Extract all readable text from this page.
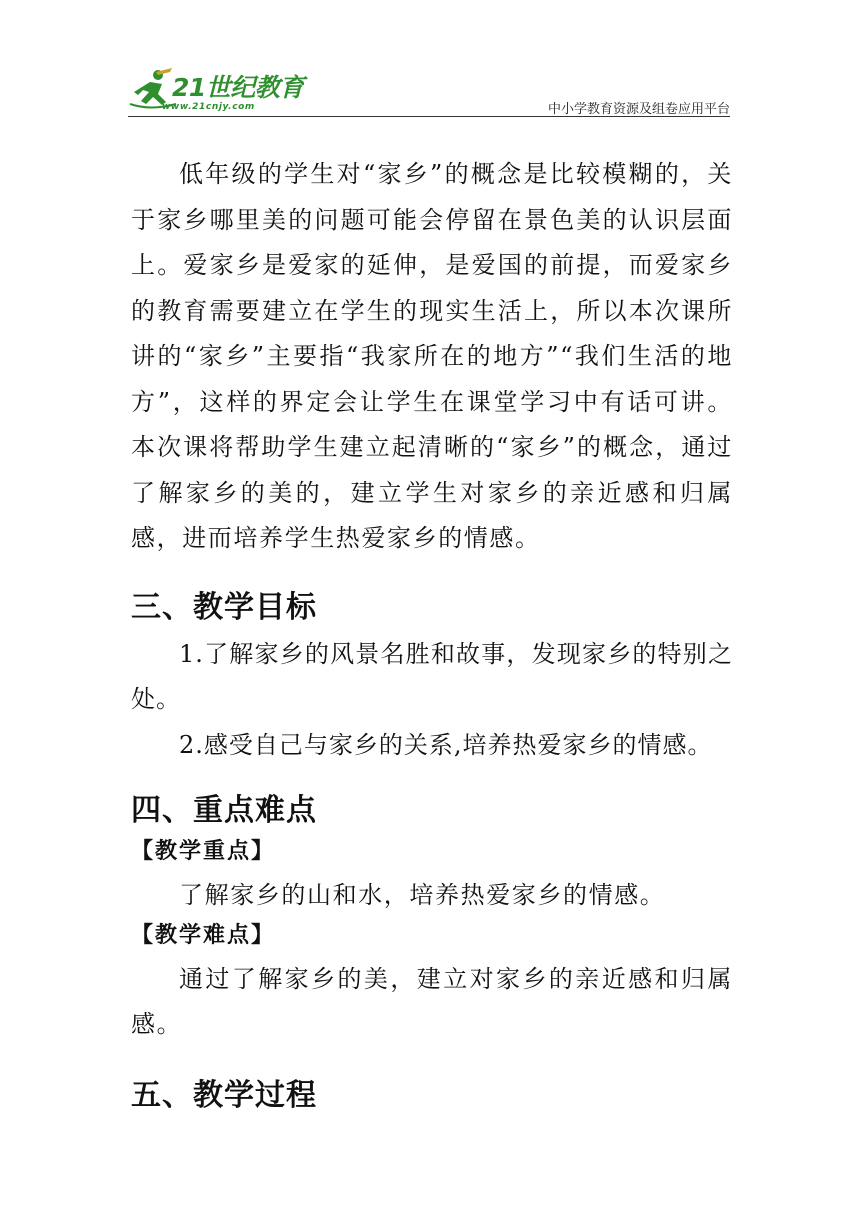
21世纪教育
www.21cnjy.com	中小学教育资源及组卷应用平台

低年级的学生对“家乡”的概念是比较模糊的，关于家乡哪里美的问题可能会停留在景色美的认识层面上。爱家乡是爱家的延伸，是爱国的前提，而爱家乡的教育需要建立在学生的现实生活上，所以本次课所讲的“家乡”主要指“我家所在的地方”“我们生活的地方”，这样的界定会让学生在课堂学习中有话可讲。本次课将帮助学生建立起清晰的“家乡”的概念，通过了解家乡的美的，建立学生对家乡的亲近感和归属感，进而培养学生热爱家乡的情感。

三、教学目标

1.了解家乡的风景名胜和故事，发现家乡的特别之处。

2.感受自己与家乡的关系,培养热爱家乡的情感。

四、重点难点

【教学重点】

了解家乡的山和水，培养热爱家乡的情感。

【教学难点】

通过了解家乡的美，建立对家乡的亲近感和归属感。

五、教学过程
